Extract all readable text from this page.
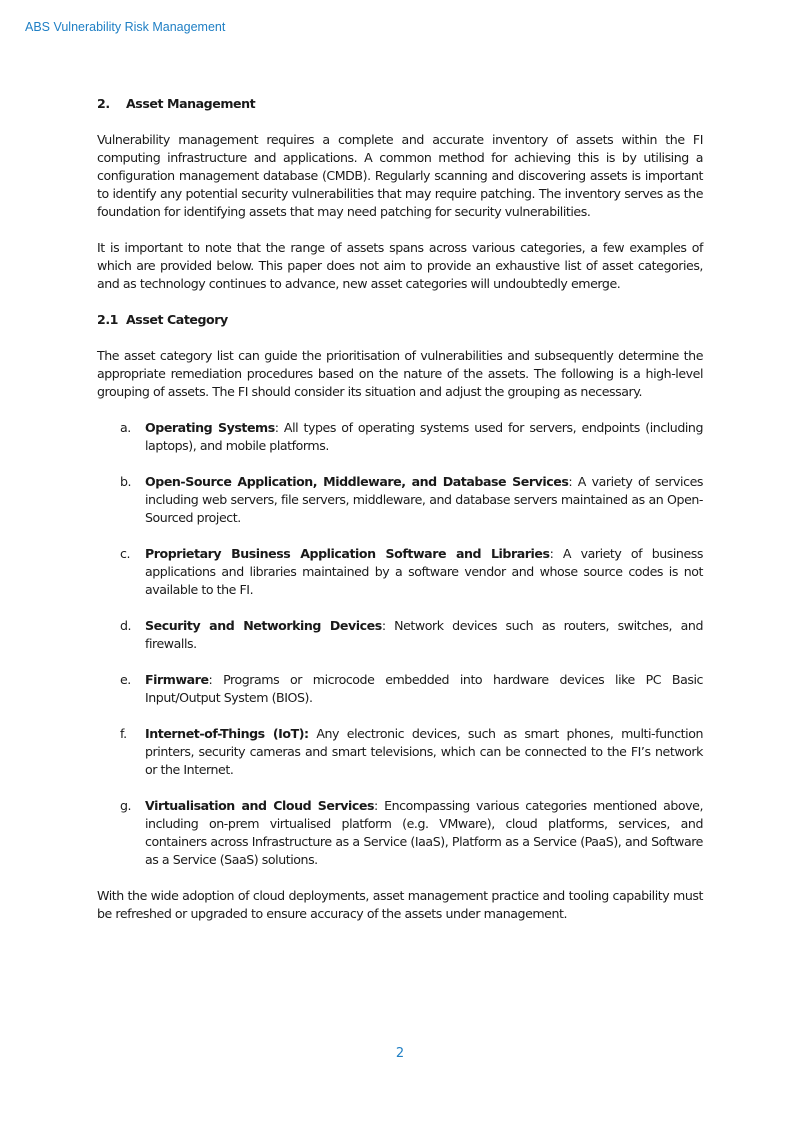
ABS Vulnerability Risk Management
2. Asset Management

Vulnerability management requires a complete and accurate inventory of assets within the FI computing infrastructure and applications. A common method for achieving this is by utilising a configuration management database (CMDB). Regularly scanning and discovering assets is important to identify any potential security vulnerabilities that may require patching. The inventory serves as the foundation for identifying assets that may need patching for security vulnerabilities.

It is important to note that the range of assets spans across various categories, a few examples of which are provided below. This paper does not aim to provide an exhaustive list of asset categories, and as technology continues to advance, new asset categories will undoubtedly emerge.

2.1 Asset Category

The asset category list can guide the prioritisation of vulnerabilities and subsequently determine the appropriate remediation procedures based on the nature of the assets. The following is a high-level grouping of assets. The FI should consider its situation and adjust the grouping as necessary.

a. Operating Systems: All types of operating systems used for servers, endpoints (including laptops), and mobile platforms.
b. Open-Source Application, Middleware, and Database Services: A variety of services including web servers, file servers, middleware, and database servers maintained as an Open-Sourced project.
c. Proprietary Business Application Software and Libraries: A variety of business applications and libraries maintained by a software vendor and whose source codes is not available to the FI.
d. Security and Networking Devices: Network devices such as routers, switches, and firewalls.
e. Firmware: Programs or microcode embedded into hardware devices like PC Basic Input/Output System (BIOS).
f. Internet-of-Things (IoT): Any electronic devices, such as smart phones, multi-function printers, security cameras and smart televisions, which can be connected to the FI’s network or the Internet.
g. Virtualisation and Cloud Services: Encompassing various categories mentioned above, including on-prem virtualised platform (e.g. VMware), cloud platforms, services, and containers across Infrastructure as a Service (IaaS), Platform as a Service (PaaS), and Software as a Service (SaaS) solutions.

With the wide adoption of cloud deployments, asset management practice and tooling capability must be refreshed or upgraded to ensure accuracy of the assets under management.

2
